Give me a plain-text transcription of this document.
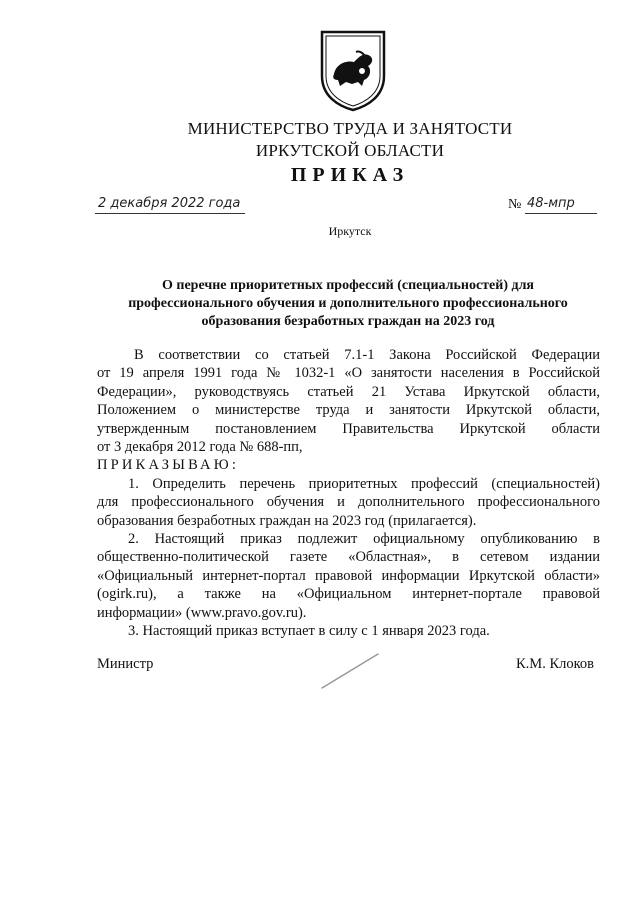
МИНИСТЕРСТВО ТРУДА И ЗАНЯТОСТИ
ИРКУТСКОЙ ОБЛАСТИ
ПРИКАЗ
2 декабря 2022 года	№ 48-мпр
Иркутск
О перечне приоритетных профессий (специальностей) для
профессионального обучения и дополнительного профессионального
образования безработных граждан на 2023 год

В соответствии со статьей 7.1-1 Закона Российской Федерации

от 19 апреля 1991 года № 1032-1 «О занятости населения в Российской

Федерации», руководствуясь статьей 21 Устава Иркутской области,

Положением о министерстве труда и занятости Иркутской области,

утвержденным постановлением Правительства Иркутской области

от 3 декабря 2012 года № 688-пп,

ПРИКАЗЫВАЮ:

1. Определить перечень приоритетных профессий (специальностей)

для профессионального обучения и дополнительного профессионального

образования безработных граждан на 2023 год (прилагается).

2. Настоящий приказ подлежит официальному опубликованию в

общественно-политической газете «Областная», в сетевом издании

«Официальный интернет-портал правовой информации Иркутской области»

(ogirk.ru), а также на «Официальном интернет-портале правовой

информации» (www.pravo.gov.ru).

3. Настоящий приказ вступает в силу с 1 января 2023 года.

Министр	К.М. Клоков
